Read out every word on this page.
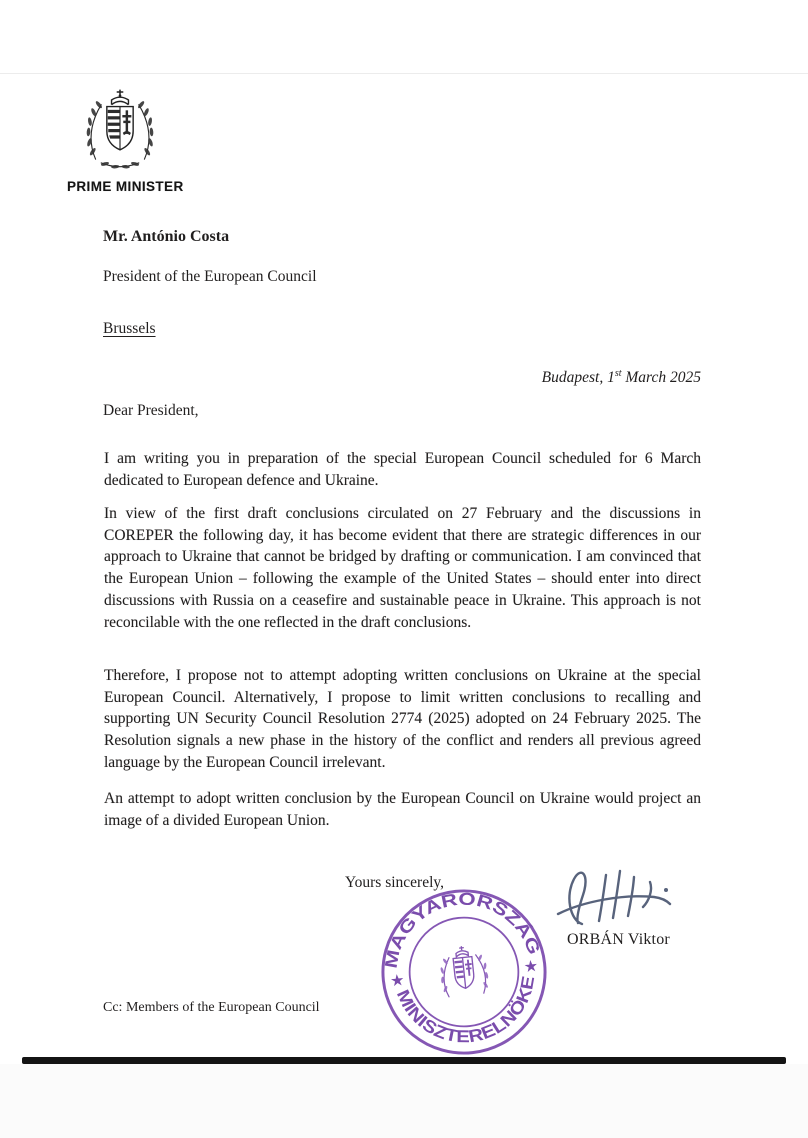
PRIME MINISTER
Mr. António Costa
President of the European Council
Brussels
Budapest, 1st March 2025
Dear President,
I am writing you in preparation of the special European Council scheduled for 6 March dedicated to European defence and Ukraine.
In view of the first draft conclusions circulated on 27 February and the discussions in COREPER the following day, it has become evident that there are strategic differences in our approach to Ukraine that cannot be bridged by drafting or communication. I am convinced that the European Union – following the example of the United States – should enter into direct discussions with Russia on a ceasefire and sustainable peace in Ukraine. This approach is not reconcilable with the one reflected in the draft conclusions.
Therefore, I propose not to attempt adopting written conclusions on Ukraine at the special European Council. Alternatively, I propose to limit written conclusions to recalling and supporting UN Security Council Resolution 2774 (2025) adopted on 24 February 2025. The Resolution signals a new phase in the history of the conflict and renders all previous agreed language by the European Council irrelevant.
An attempt to adopt written conclusion by the European Council on Ukraine would project an image of a divided European Union.
Yours sincerely,
MAGYARORSZÁG
MINISZTERELNÖKE
★
★
ORBÁN Viktor
Cc: Members of the European Council
